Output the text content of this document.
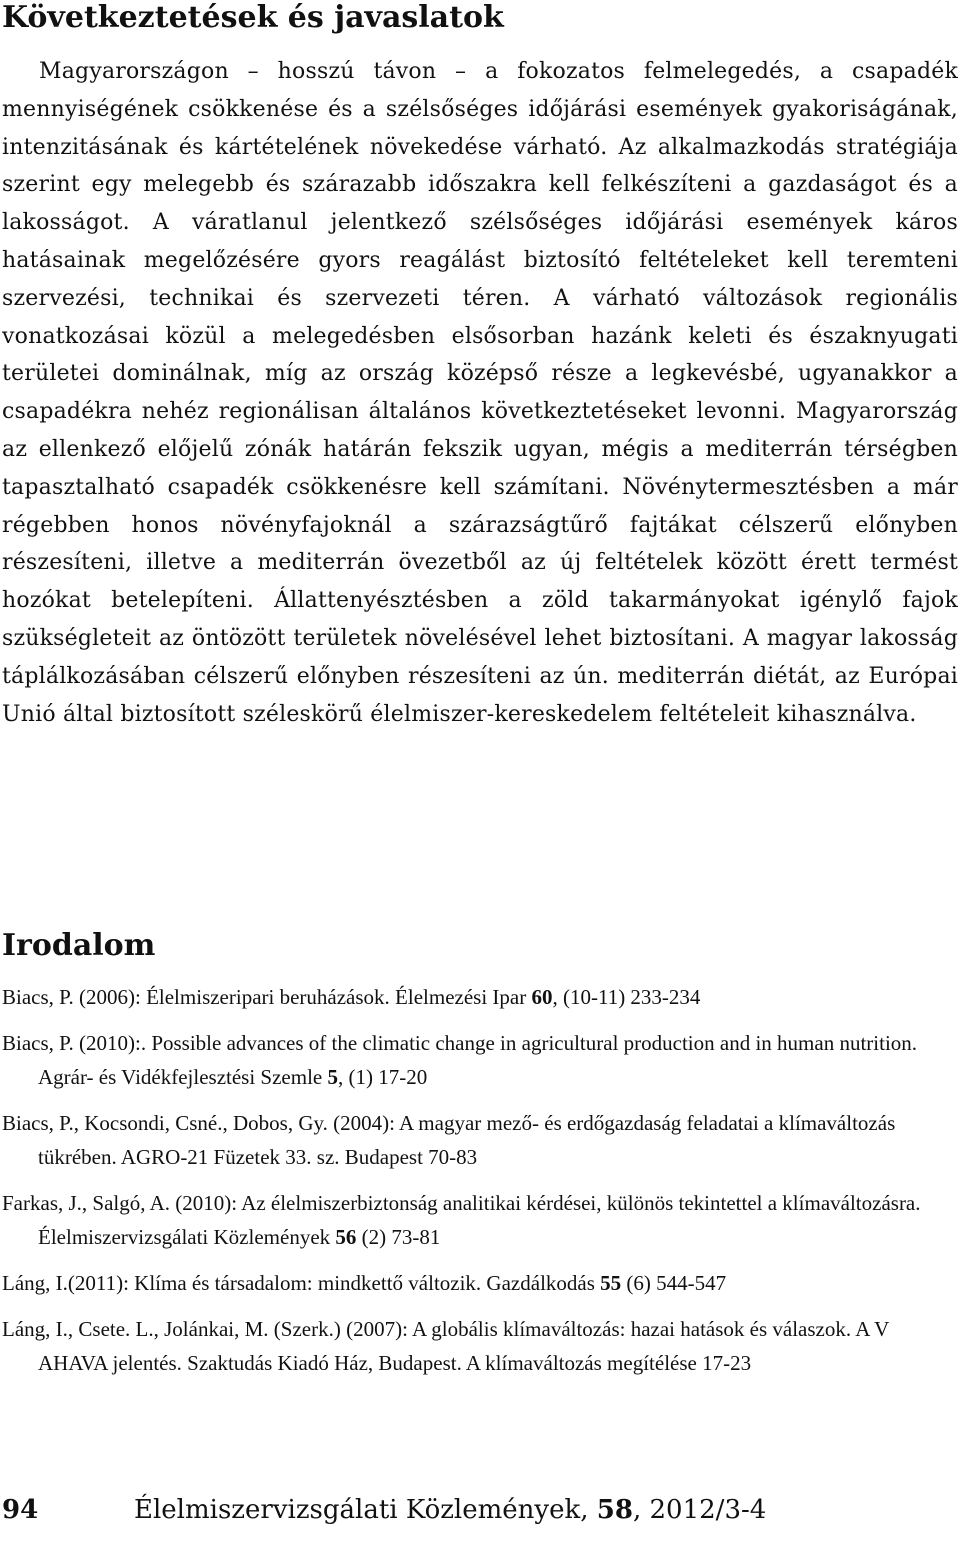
Következtetések és javaslatok

Magyarországon – hosszú távon – a fokozatos felmelegedés, a csapadék mennyiségének csökkenése és a szélsőséges időjárási események gyakoriságának, intenzitásának és kártételének növekedése várható. Az alkalmazkodás stratégiája szerint egy melegebb és szárazabb időszakra kell felkészíteni a gazdaságot és a lakosságot. A váratlanul jelentkező szélsőséges időjárási események káros hatásainak megelőzésére gyors reagálást biztosító feltételeket kell teremteni szervezési, technikai és szervezeti téren. A várható változások regionális vonatkozásai közül a melegedésben elsősorban hazánk keleti és északnyugati területei dominálnak, míg az ország középső része a legkevésbé, ugyanakkor a csapadékra nehéz regionálisan általános következtetéseket levonni. Magyarország az ellenkező előjelű zónák határán fekszik ugyan, mégis a mediterrán térségben tapasztalható csapadék csökkenésre kell számítani. Növénytermesztésben a már régebben honos növényfajoknál a szárazságtűrő fajtákat célszerű előnyben részesíteni, illetve a mediterrán övezetből az új feltételek között érett termést hozókat betelepíteni. Állattenyésztésben a zöld takarmányokat igénylő fajok szükségleteit az öntözött területek növelésével lehet biztosítani. A magyar lakosság táplálkozásában célszerű előnyben részesíteni az ún. mediterrán diétát, az Európai Unió által biztosított széleskörű élelmiszer-kereskedelem feltételeit kihasználva.

Irodalom
Biacs, P. (2006): Élelmiszeripari beruházások. Élelmezési Ipar 60, (10-11) 233-234
Biacs, P. (2010):. Possible advances of the climatic change in agricultural production and in human nutrition. Agrár- és Vidékfejlesztési Szemle 5, (1) 17-20
Biacs, P., Kocsondi, Csné., Dobos, Gy. (2004): A magyar mező- és erdőgazdaság feladatai a klímaváltozás tükrében. AGRO-21 Füzetek 33. sz. Budapest 70-83
Farkas, J., Salgó, A. (2010): Az élelmiszerbiztonság analitikai kérdései, különös tekintettel a klímaváltozásra. Élelmiszervizsgálati Közlemények 56 (2) 73-81
Láng, I.(2011): Klíma és társadalom: mindkettő változik. Gazdálkodás 55 (6) 544-547
Láng, I., Csete. L., Jolánkai, M. (Szerk.) (2007): A globális klímaváltozás: hazai hatások és válaszok. A V AHAVA jelentés. Szaktudás Kiadó Ház, Budapest. A klímaváltozás megítélése 17-23
94	Élelmiszervizsgálati Közlemények, 58, 2012/3-4
